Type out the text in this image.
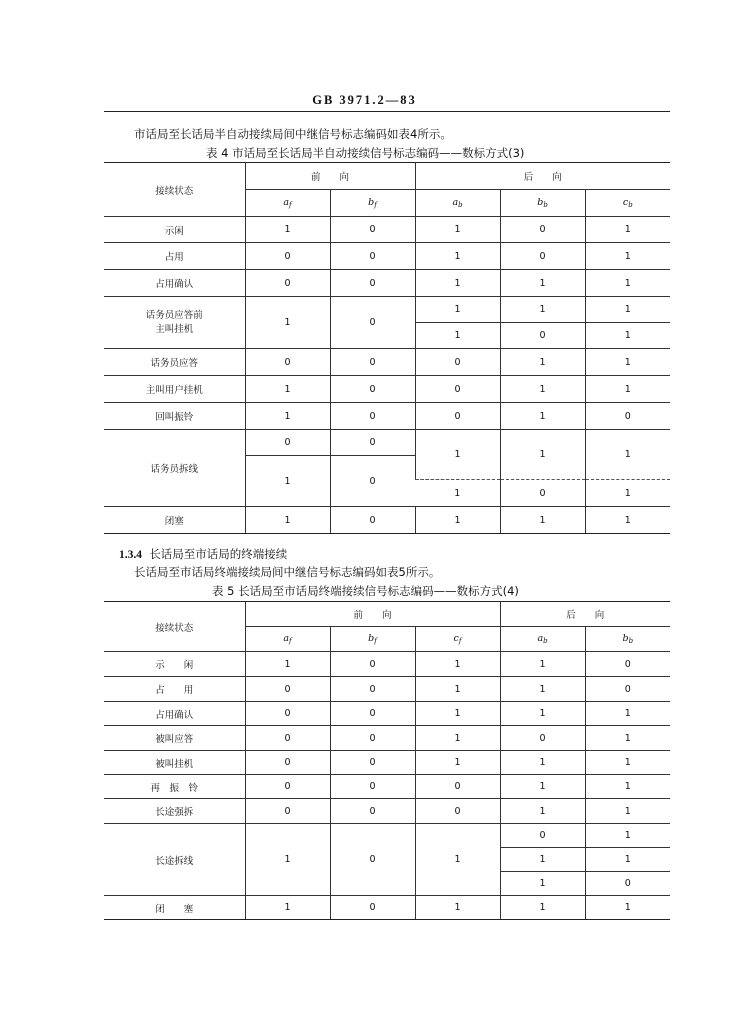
GB 3971.2—83
市话局至长话局半自动接续局间中继信号标志编码如表4所示。
表 4 市话局至长话局半自动接续信号标志编码——数标方式(3)
接续状态	前　　向		后　　向		
	$a_f$	$b_f$	$a_b$	$b_b$	$c_b$
示闲	1	0	1	0	1
占用	0	0	1	0	1
占用确认	0	0	1	1	1
话务员应答前
主叫挂机	1	0	1	1	1
			1	0	1
话务员应答	0	0	0	1	1
主叫用户挂机	1	0	0	1	1
回叫振铃	1	0	0	1	0
话务员拆线	0	0	1	1	1
	1	0			

			1	0	1
闭塞	1	0	1	1	1
1.3.4 长话局至市话局的终端接续
长话局至市话局终端接续局间中继信号标志编码如表5所示。
表 5 长话局至市话局终端接续信号标志编码——数标方式(4)
接续状态	前　　向			后　　向	
	$a_f$	$b_f$	$c_f$	$a_b$	$b_b$
示　　闲	1	0	1	1	0
占　　用	0	0	1	1	0
占用确认	0	0	1	1	1
被叫应答	0	0	1	0	1
被叫挂机	0	0	1	1	1
再　振　铃	0	0	0	1	1
长途强拆	0	0	0	1	1
长途拆线	1	0	1	0	1
				1	1
				1	0
闭　　塞	1	0	1	1	1
